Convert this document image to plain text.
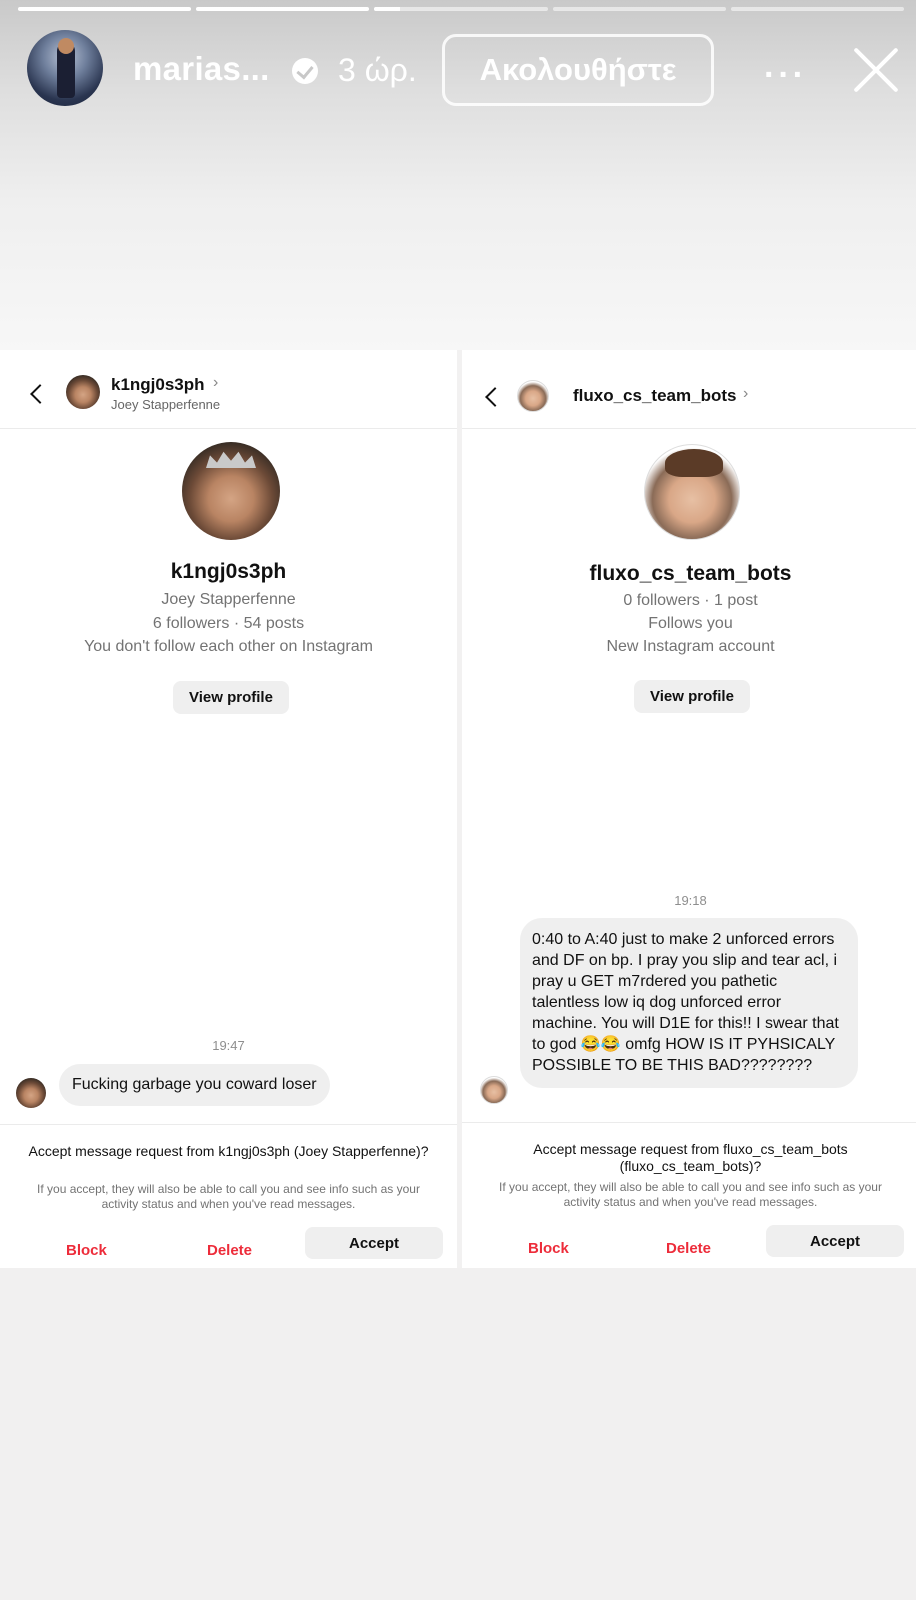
marias... 3 ώρ.	Ακολουθήστε	···
k1ngj0s3ph ›
Joey Stapperfenne
k1ngj0s3ph
Joey Stapperfenne
6 followers · 54 posts
You don't follow each other on Instagram
View profile
19:47
Fucking garbage you coward loser
Accept message request from k1ngj0s3ph (Joey Stapperfenne)?
If you accept, they will also be able to call you and see info such as your activity status and when you've read messages.
Block	Delete	Accept
fluxo_cs_team_bots ›
fluxo_cs_team_bots
0 followers · 1 post
Follows you
New Instagram account
View profile
19:18
0:40 to A:40 just to make 2 unforced errors and DF on bp. I pray you slip and tear acl, i pray u GET m7rdered you pathetic talentless low iq dog unforced error machine. You will D1E for this!! I swear that to god 😂😂 omfg HOW IS IT PYHSICALY POSSIBLE TO BE THIS BAD????????
Accept message request from fluxo_cs_team_bots (fluxo_cs_team_bots)?
If you accept, they will also be able to call you and see info such as your activity status and when you've read messages.
Block	Delete	Accept
